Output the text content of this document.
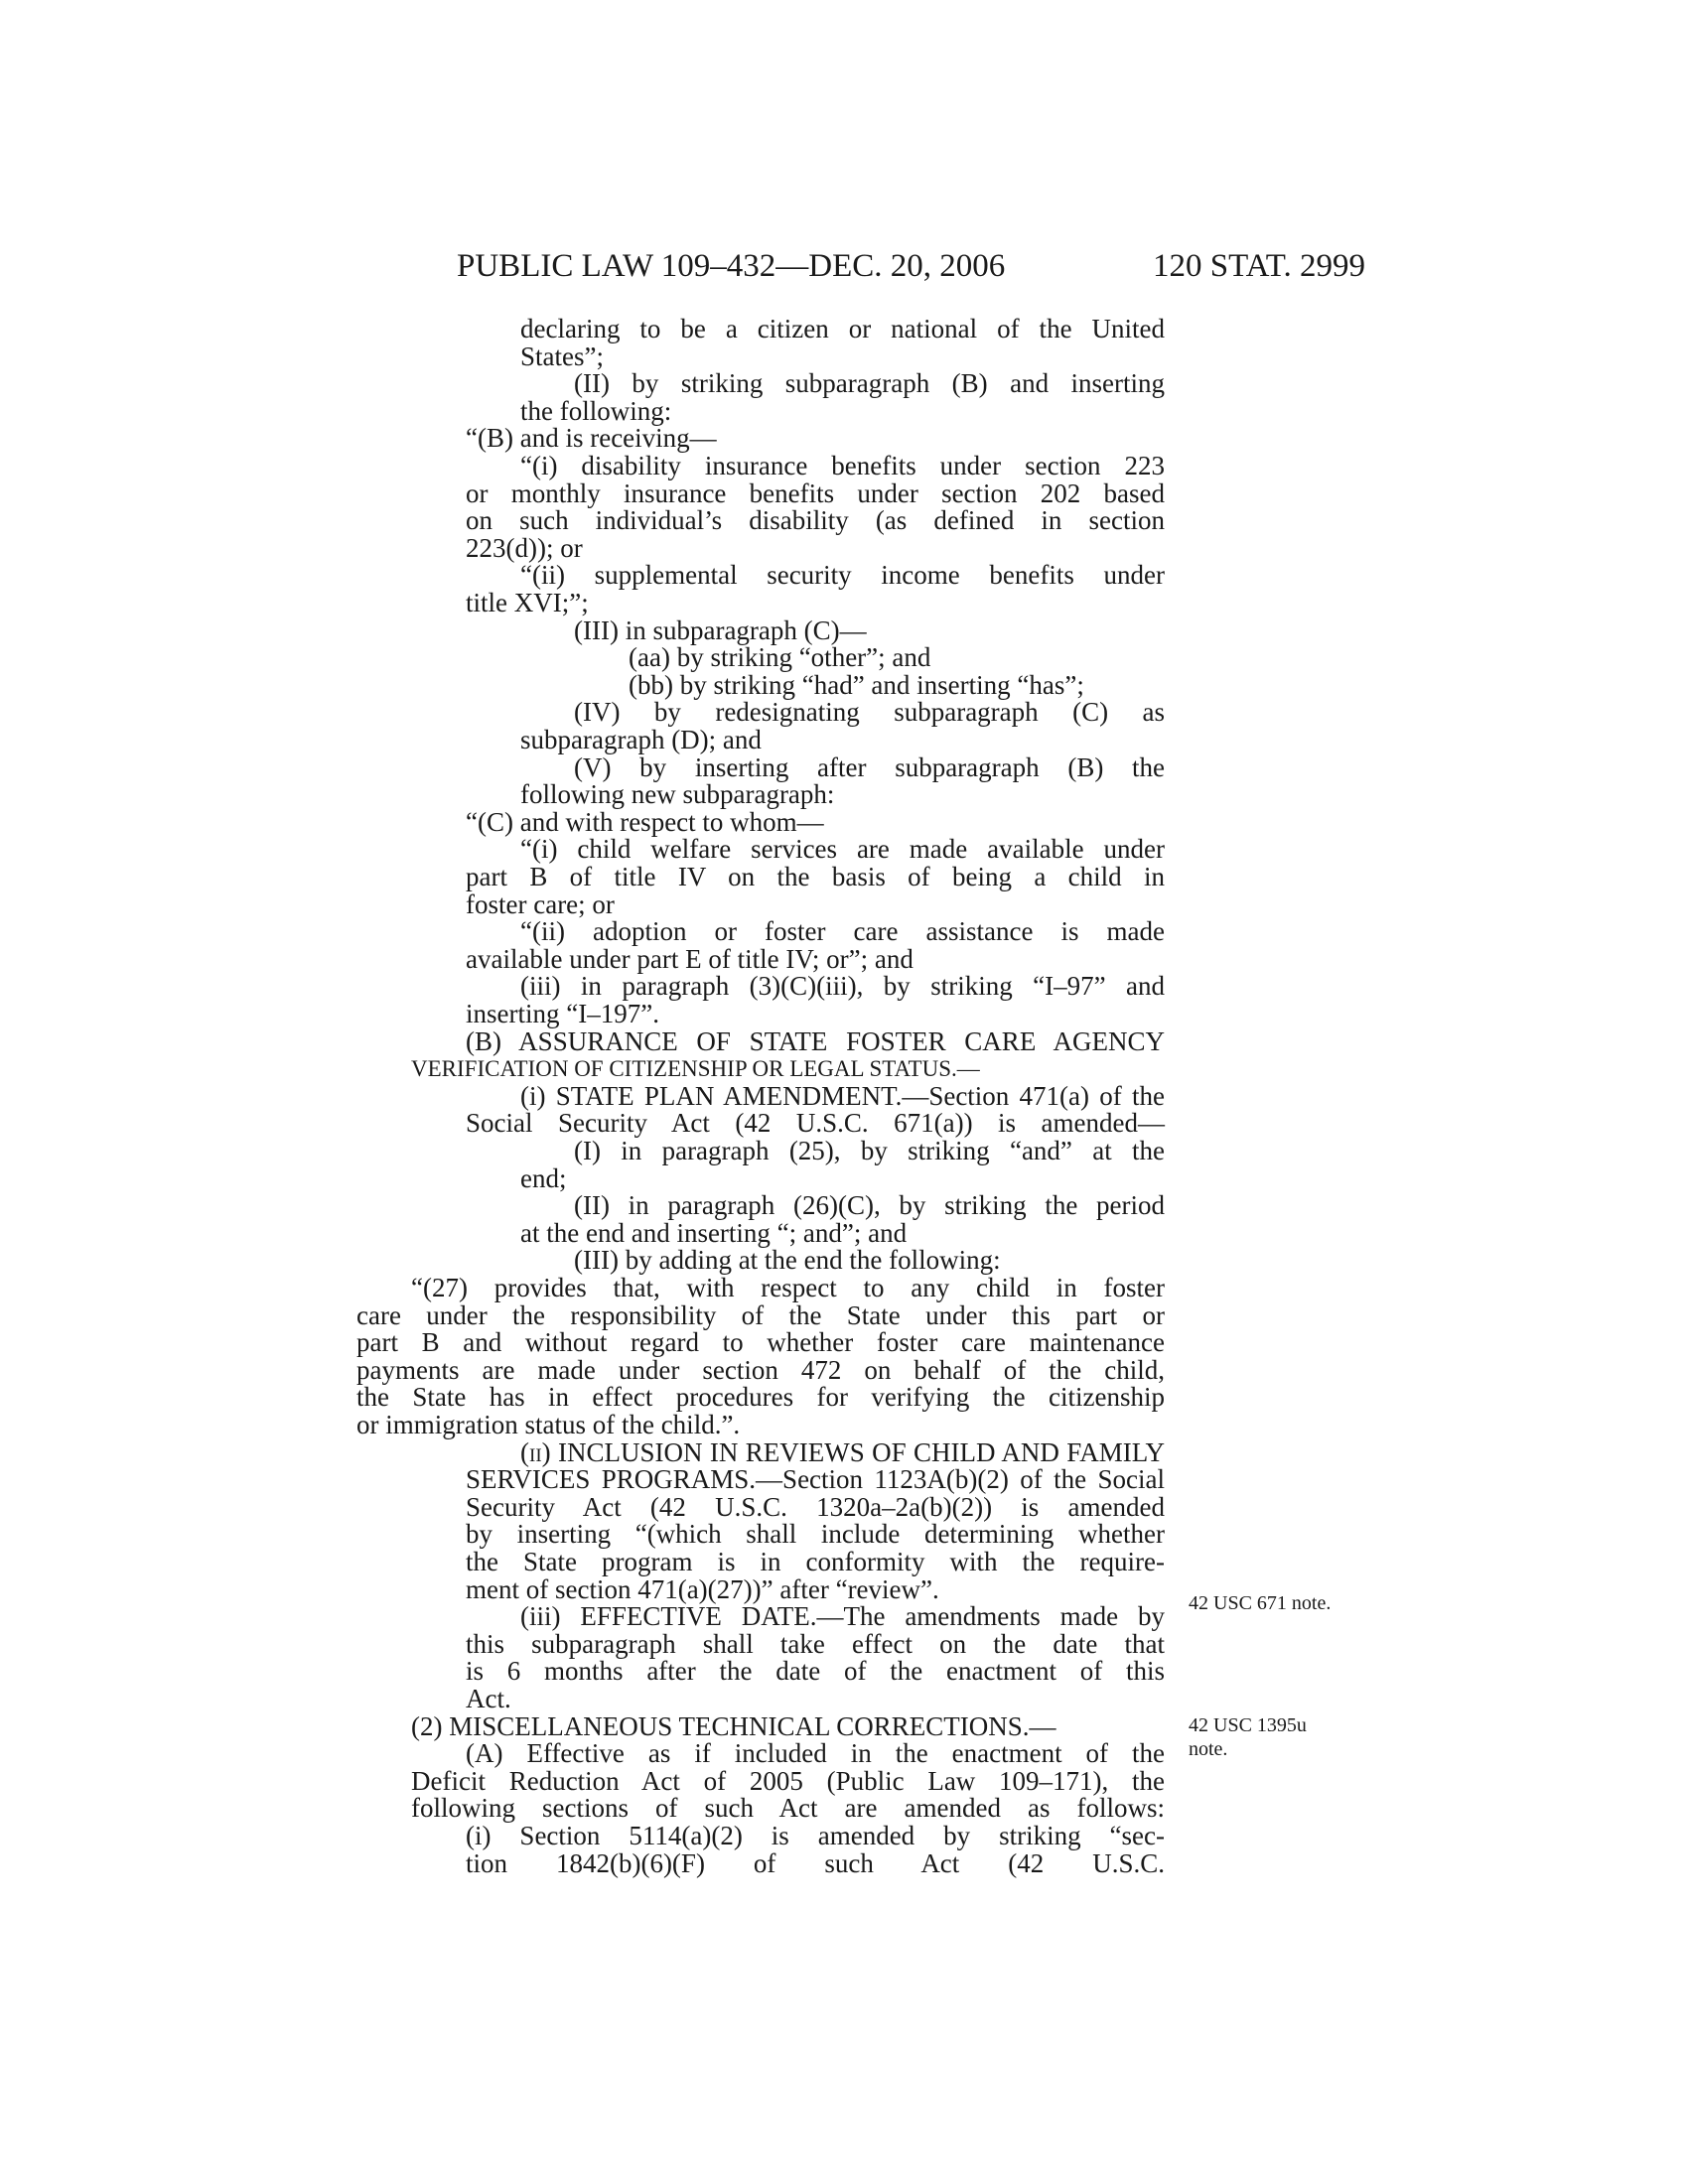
PUBLIC LAW 109–432—DEC. 20, 2006	120 STAT. 2999
declaring to be a citizen or national of the United
States”;
(II) by striking subparagraph (B) and inserting
the following:
“(B) and is receiving—
“(i) disability insurance benefits under section 223
or monthly insurance benefits under section 202 based
on such individual’s disability (as defined in section
223(d)); or
“(ii) supplemental security income benefits under
title XVI;”;
(III) in subparagraph (C)—
(aa) by striking “other”; and
(bb) by striking “had” and inserting “has”;
(IV) by redesignating subparagraph (C) as
subparagraph (D); and
(V) by inserting after subparagraph (B) the
following new subparagraph:
“(C) and with respect to whom—
“(i) child welfare services are made available under
part B of title IV on the basis of being a child in
foster care; or
“(ii) adoption or foster care assistance is made
available under part E of title IV; or”; and
(iii) in paragraph (3)(C)(iii), by striking “I–97” and
inserting “I–197”.
(B) ASSURANCE OF STATE FOSTER CARE AGENCY
VERIFICATION OF CITIZENSHIP OR LEGAL STATUS.—
(i) STATE PLAN AMENDMENT.—Section 471(a) of the
Social Security Act (42 U.S.C. 671(a)) is amended—
(I) in paragraph (25), by striking “and” at the
end;
(II) in paragraph (26)(C), by striking the period
at the end and inserting “; and”; and
(III) by adding at the end the following:
“(27) provides that, with respect to any child in foster
care under the responsibility of the State under this part or
part B and without regard to whether foster care maintenance
payments are made under section 472 on behalf of the child,
the State has in effect procedures for verifying the citizenship
or immigration status of the child.”.
(ii) INCLUSION IN REVIEWS OF CHILD AND FAMILY
SERVICES PROGRAMS.—Section 1123A(b)(2) of the Social
Security Act (42 U.S.C. 1320a–2a(b)(2)) is amended
by inserting “(which shall include determining whether
the State program is in conformity with the require-
ment of section 471(a)(27))” after “review”.
(iii) EFFECTIVE DATE.—The amendments made by
this subparagraph shall take effect on the date that
is 6 months after the date of the enactment of this
Act.
(2) MISCELLANEOUS TECHNICAL CORRECTIONS.—
(A) Effective as if included in the enactment of the
Deficit Reduction Act of 2005 (Public Law 109–171), the
following sections of such Act are amended as follows:
(i) Section 5114(a)(2) is amended by striking “sec-
tion 1842(b)(6)(F) of such Act (42 U.S.C.
42 USC 671 note.
42 USC 1395u
note.
